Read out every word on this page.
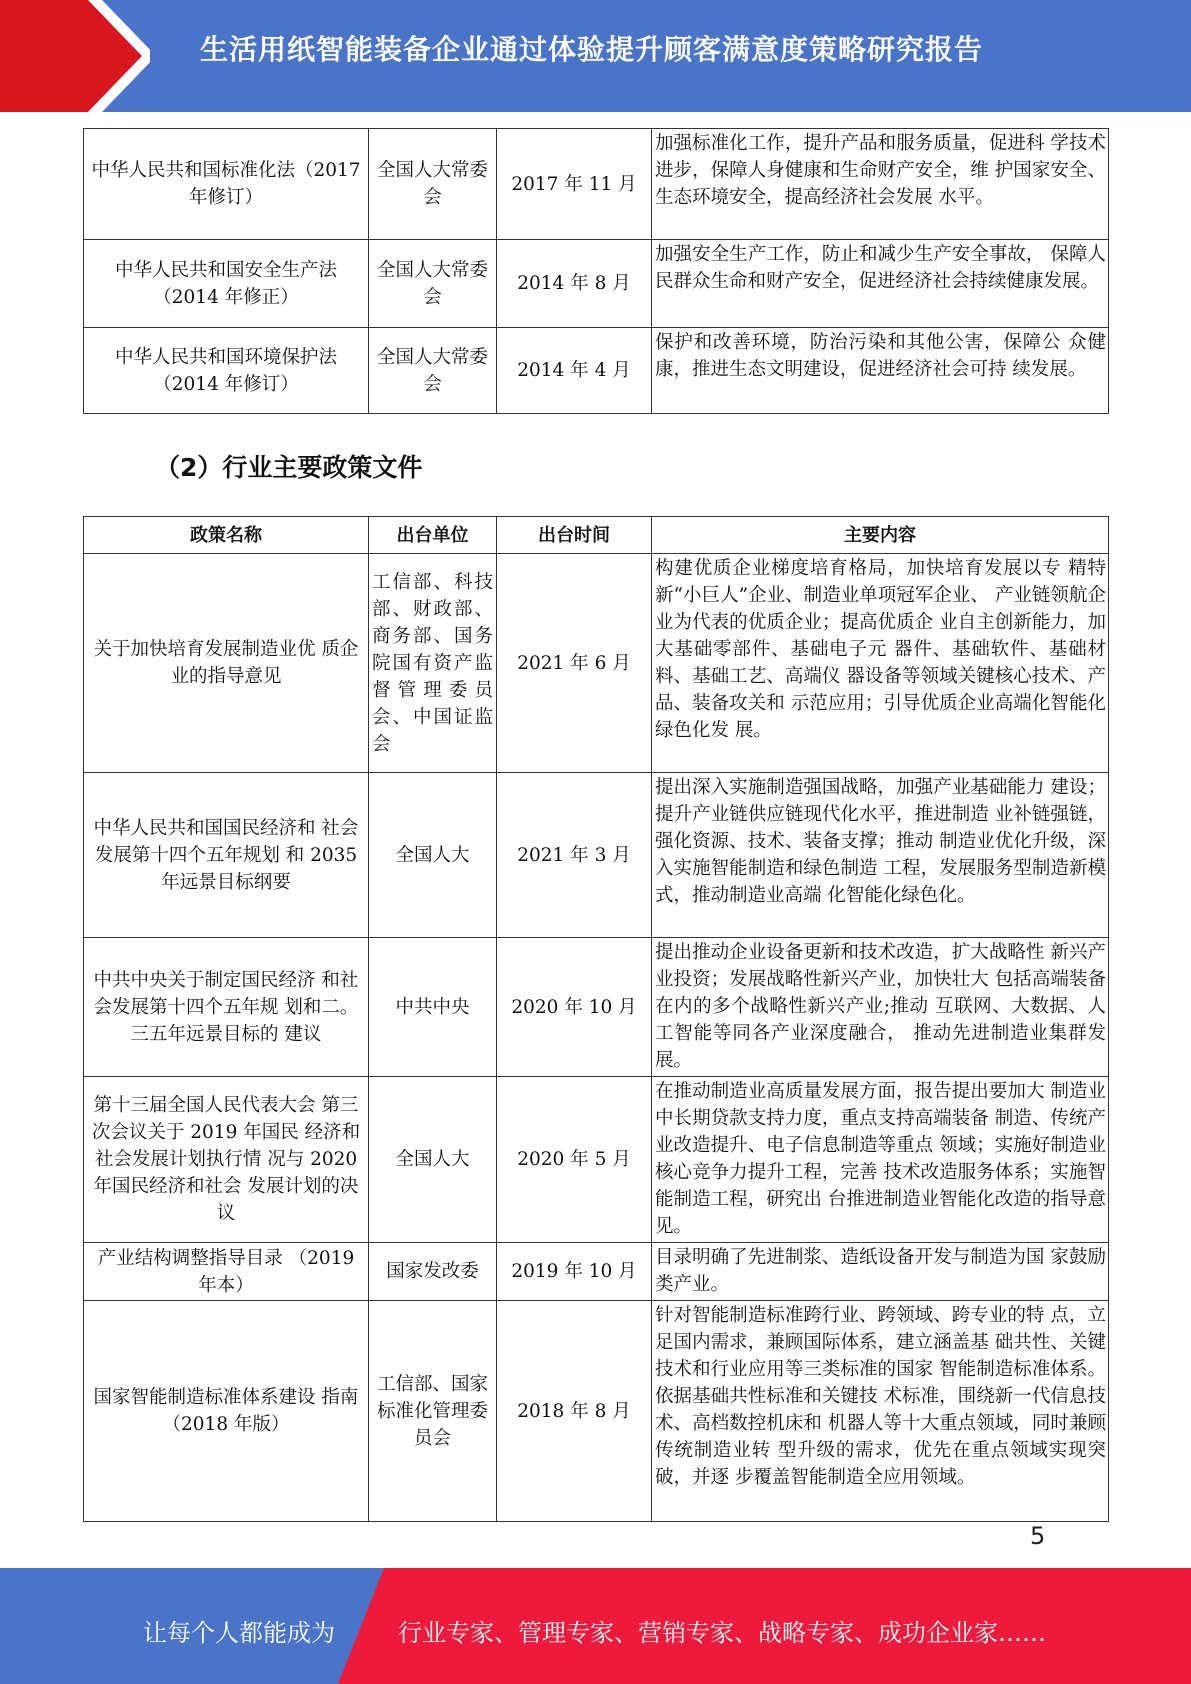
生活用纸智能装备企业通过体验提升顾客满意度策略研究报告
中华人民共和国标准化法（2017 年修订）	全国人大常委会	2017 年 11 月	加强标准化工作，提升产品和服务质量，促进科 学技术进步，保障人身健康和生命财产安全，维 护国家安全、生态环境安全，提高经济社会发展 水平。
中华人民共和国安全生产法（2014 年修正）	全国人大常委会	2014 年 8 月	加强安全生产工作，防止和减少生产安全事故， 保障人民群众生命和财产安全，促进经济社会持续健康发展。
中华人民共和国环境保护法（2014 年修订）	全国人大常委会	2014 年 4 月	保护和改善环境，防治污染和其他公害，保障公 众健康，推进生态文明建设，促进经济社会可持 续发展。
（2）行业主要政策文件
政策名称	出台单位	出台时间	主要内容
关于加快培育发展制造业优 质企业的指导意见	工信部、科技部、财政部、商务部、国务院国有资产监督管理委员会、中国证监会	2021 年 6 月	构建优质企业梯度培育格局，加快培育发展以专 精特新“小巨人”企业、制造业单项冠军企业、 产业链领航企业为代表的优质企业；提高优质企 业自主创新能力，加大基础零部件、基础电子元 器件、基础软件、基础材料、基础工艺、高端仪 器设备等领域关键核心技术、产品、装备攻关和 示范应用；引导优质企业高端化智能化绿色化发 展。
中华人民共和国国民经济和 社会发展第十四个五年规划 和 2035 年远景目标纲要	全国人大	2021 年 3 月	提出深入实施制造强国战略，加强产业基础能力 建设；提升产业链供应链现代化水平，推进制造 业补链强链，强化资源、技术、装备支撑；推动 制造业优化升级，深入实施智能制造和绿色制造 工程，发展服务型制造新模式，推动制造业高端 化智能化绿色化。
中共中央关于制定国民经济 和社会发展第十四个五年规 划和二。三五年远景目标的 建议	中共中央	2020 年 10 月	提出推动企业设备更新和技术改造，扩大战略性 新兴产业投资；发展战略性新兴产业，加快壮大 包括高端装备在内的多个战略性新兴产业;推动 互联网、大数据、人工智能等同各产业深度融合， 推动先进制造业集群发展。
第十三届全国人民代表大会 第三次会议关于 2019 年国民 经济和社会发展计划执行情 况与 2020 年国民经济和社会 发展计划的决议	全国人大	2020 年 5 月	在推动制造业高质量发展方面，报告提出要加大 制造业中长期贷款支持力度，重点支持高端装备 制造、传统产业改造提升、电子信息制造等重点 领域；实施好制造业核心竞争力提升工程，完善 技术改造服务体系；实施智能制造工程，研究出 台推进制造业智能化改造的指导意见。
产业结构调整指导目录 （2019 年本）	国家发改委	2019 年 10 月	目录明确了先进制浆、造纸设备开发与制造为国 家鼓励类产业。
国家智能制造标准体系建设 指南（2018 年版）	工信部、国家标准化管理委员会	2018 年 8 月	针对智能制造标准跨行业、跨领域、跨专业的特 点，立足国内需求，兼顾国际体系，建立涵盖基 础共性、关键技术和行业应用等三类标准的国家 智能制造标准体系。依据基础共性标准和关键技 术标准，围绕新一代信息技术、高档数控机床和 机器人等十大重点领域，同时兼顾传统制造业转 型升级的需求，优先在重点领域实现突破，并逐 步覆盖智能制造全应用领域。
5
让每个人都能成为	行业专家、管理专家、营销专家、战略专家、成功企业家……
